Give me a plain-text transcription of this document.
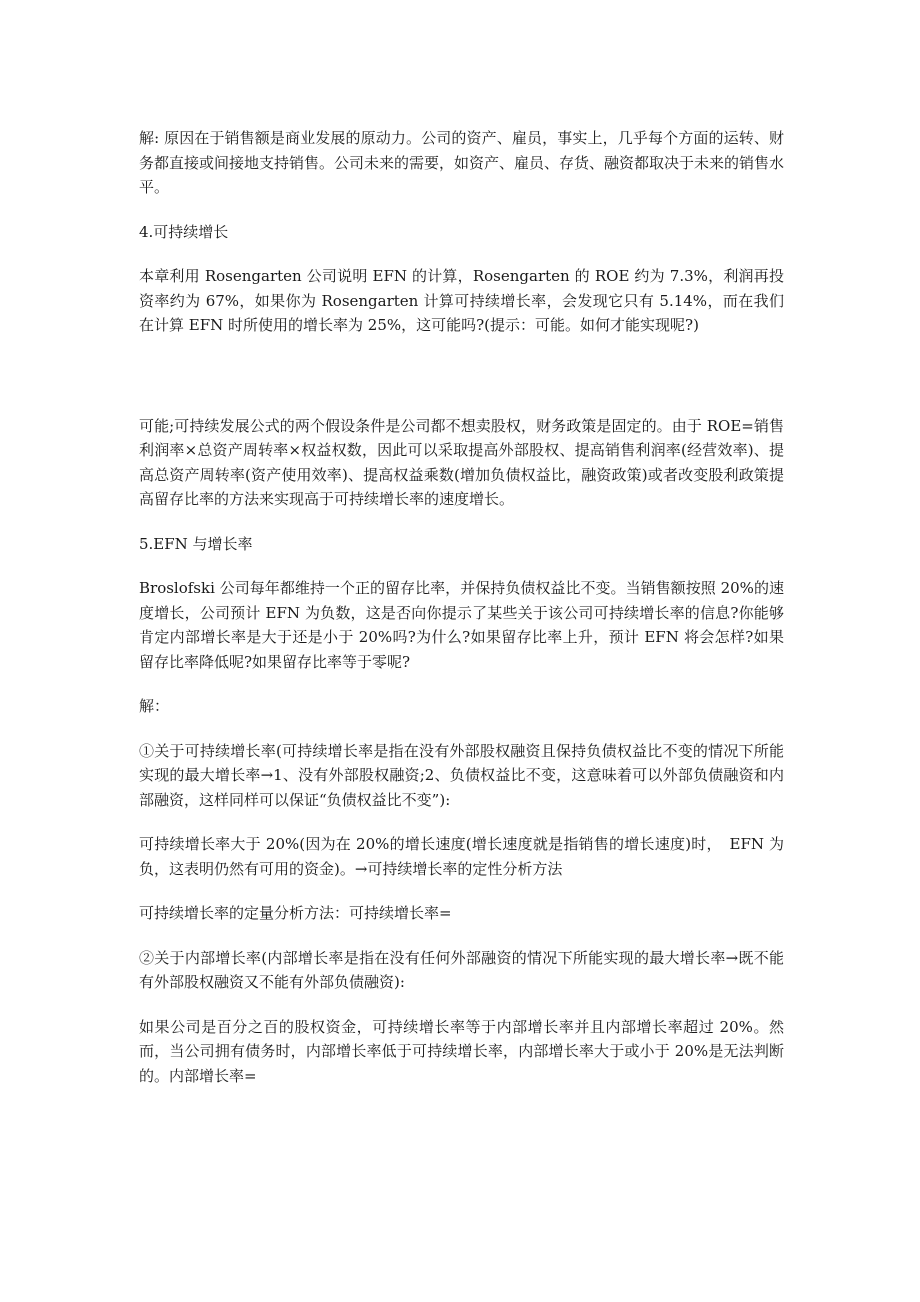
解: 原因在于销售额是商业发展的原动力。公司的资产、雇员，事实上，几乎每个方面的运转、财务都直接或间接地支持销售。公司未来的需要，如资产、雇员、存货、融资都取决于未来的销售水平。

4.可持续增长

本章利用 Rosengarten 公司说明 EFN 的计算，Rosengarten 的 ROE 约为 7.3%，利润再投资率约为 67%，如果你为 Rosengarten 计算可持续增长率，会发现它只有 5.14%，而在我们在计算 EFN 时所使用的增长率为 25%，这可能吗?(提示：可能。如何才能实现呢?)

可能;可持续发展公式的两个假设条件是公司都不想卖股权，财务政策是固定的。由于 ROE=销售利润率×总资产周转率×权益权数，因此可以采取提高外部股权、提高销售利润率(经营效率)、提高总资产周转率(资产使用效率)、提高权益乘数(增加负债权益比，融资政策)或者改变股利政策提高留存比率的方法来实现高于可持续增长率的速度增长。

5.EFN 与增长率

Broslofski 公司每年都维持一个正的留存比率，并保持负债权益比不变。当销售额按照 20%的速度增长，公司预计 EFN 为负数，这是否向你提示了某些关于该公司可持续增长率的信息?你能够肯定内部增长率是大于还是小于 20%吗?为什么?如果留存比率上升，预计 EFN 将会怎样?如果留存比率降低呢?如果留存比率等于零呢?

解：

①关于可持续增长率(可持续增长率是指在没有外部股权融资且保持负债权益比不变的情况下所能实现的最大增长率→1、没有外部股权融资;2、负债权益比不变，这意味着可以外部负债融资和内部融资，这样同样可以保证“负债权益比不变”):

可持续增长率大于 20%(因为在 20%的增长速度(增长速度就是指销售的增长速度)时，　EFN 为负，这表明仍然有可用的资金)。→可持续增长率的定性分析方法

可持续增长率的定量分析方法：可持续增长率=

②关于内部增长率(内部增长率是指在没有任何外部融资的情况下所能实现的最大增长率→既不能有外部股权融资又不能有外部负债融资):

如果公司是百分之百的股权资金，可持续增长率等于内部增长率并且内部增长率超过 20%。然而，当公司拥有债务时，内部增长率低于可持续增长率，内部增长率大于或小于 20%是无法判断的。内部增长率=
